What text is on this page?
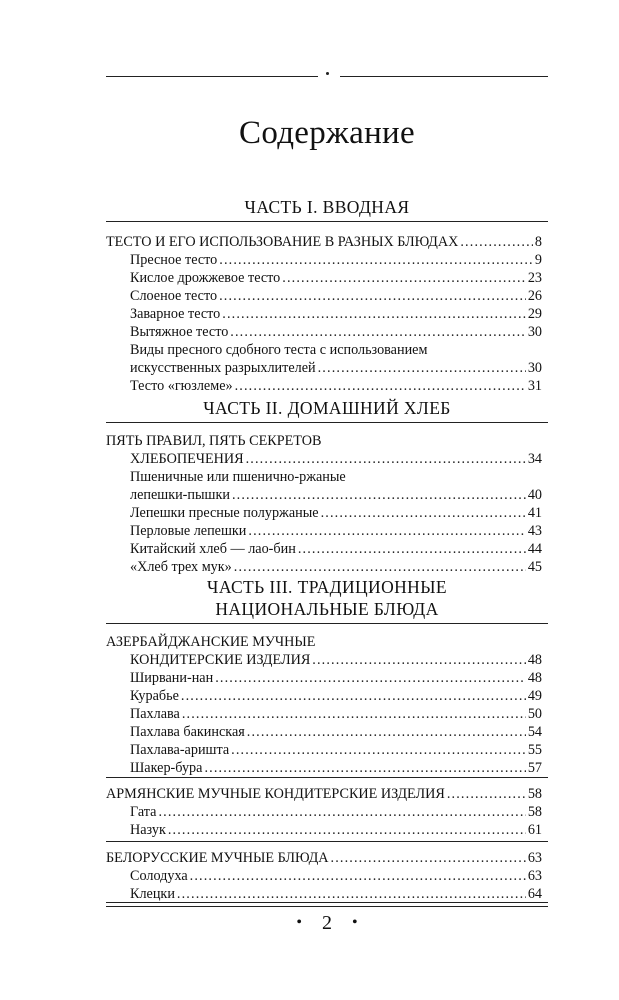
Содержание
ЧАСТЬ I. ВВОДНАЯ
ТЕСТО И ЕГО ИСПОЛЬЗОВАНИЕ В РАЗНЫХ БЛЮДАХ . . .	8
Пресное тесто . . .	9
Кислое дрожжевое тесто . . .	23
Слоеное тесто . . .	26
Заварное тесто . . .	29
Вытяжное тесто . . .	30
Виды пресного сдобного теста с использованием
искусственных разрыхлителей . . .	30
Тесто «гюзлеме» . . .	31
ЧАСТЬ II. ДОМАШНИЙ ХЛЕБ
ПЯТЬ ПРАВИЛ, ПЯТЬ СЕКРЕТОВ
ХЛЕБОПЕЧЕНИЯ . . .	34
Пшеничные или пшенично-ржаные
лепешки-пышки . . .	40
Лепешки пресные полуржаные . . .	41
Перловые лепешки . . .	43
Китайский хлеб — лао-бин . . .	44
«Хлеб трех мук» . . .	45
ЧАСТЬ III. ТРАДИЦИОННЫЕ
НАЦИОНАЛЬНЫЕ БЛЮДА
АЗЕРБАЙДЖАНСКИЕ МУЧНЫЕ
КОНДИТЕРСКИЕ ИЗДЕЛИЯ . . .	48
Ширвани-нан . . .	48
Курабье . . .	49
Пахлава . . .	50
Пахлава бакинская . . .	54
Пахлава-аришта . . .	55
Шакер-бура . . .	57
АРМЯНСКИЕ МУЧНЫЕ КОНДИТЕРСКИЕ ИЗДЕЛИЯ . . .	58
Гата . . .	58
Назук . . .	61
БЕЛОРУССКИЕ МУЧНЫЕ БЛЮДА . . .	63
Солодуха . . .	63
Клецки . . .	64
• 2 •
